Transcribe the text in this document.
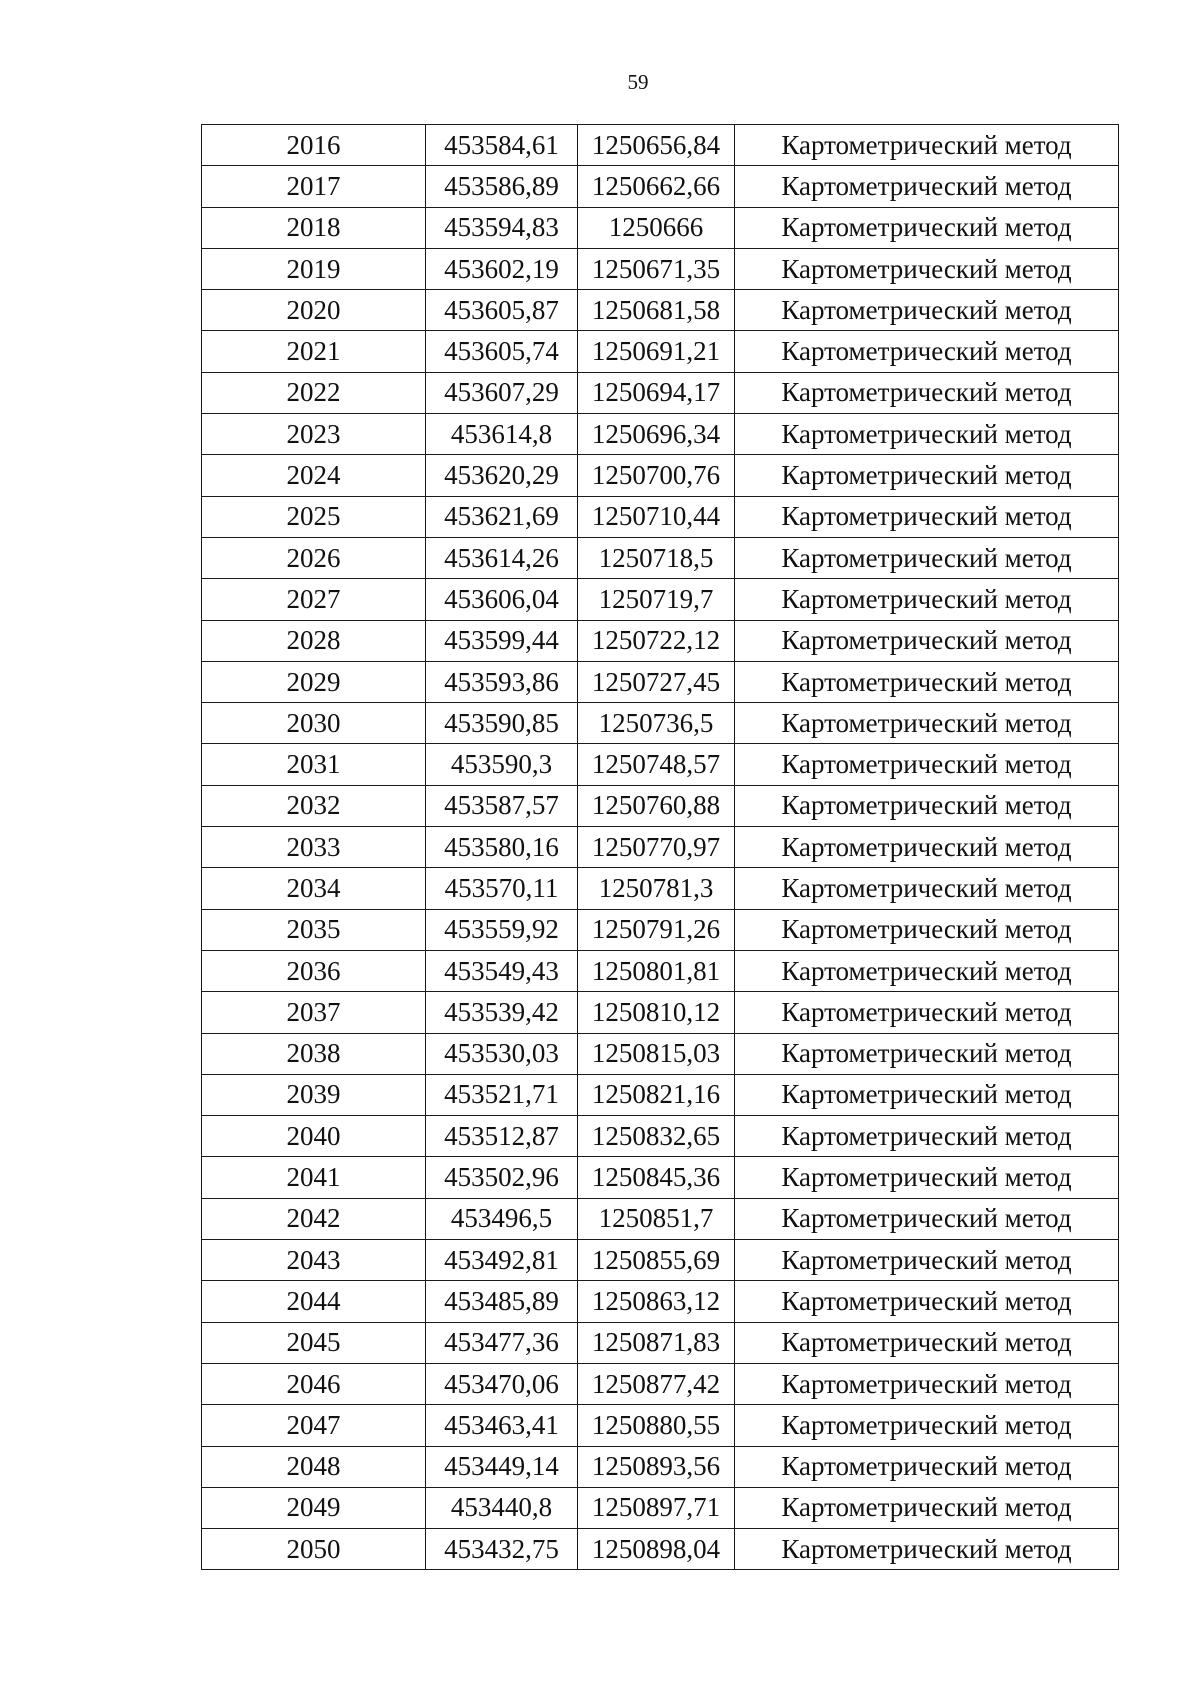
59
2016	453584,61	1250656,84	Картометрический метод
2017	453586,89	1250662,66	Картометрический метод
2018	453594,83	1250666	Картометрический метод
2019	453602,19	1250671,35	Картометрический метод
2020	453605,87	1250681,58	Картометрический метод
2021	453605,74	1250691,21	Картометрический метод
2022	453607,29	1250694,17	Картометрический метод
2023	453614,8	1250696,34	Картометрический метод
2024	453620,29	1250700,76	Картометрический метод
2025	453621,69	1250710,44	Картометрический метод
2026	453614,26	1250718,5	Картометрический метод
2027	453606,04	1250719,7	Картометрический метод
2028	453599,44	1250722,12	Картометрический метод
2029	453593,86	1250727,45	Картометрический метод
2030	453590,85	1250736,5	Картометрический метод
2031	453590,3	1250748,57	Картометрический метод
2032	453587,57	1250760,88	Картометрический метод
2033	453580,16	1250770,97	Картометрический метод
2034	453570,11	1250781,3	Картометрический метод
2035	453559,92	1250791,26	Картометрический метод
2036	453549,43	1250801,81	Картометрический метод
2037	453539,42	1250810,12	Картометрический метод
2038	453530,03	1250815,03	Картометрический метод
2039	453521,71	1250821,16	Картометрический метод
2040	453512,87	1250832,65	Картометрический метод
2041	453502,96	1250845,36	Картометрический метод
2042	453496,5	1250851,7	Картометрический метод
2043	453492,81	1250855,69	Картометрический метод
2044	453485,89	1250863,12	Картометрический метод
2045	453477,36	1250871,83	Картометрический метод
2046	453470,06	1250877,42	Картометрический метод
2047	453463,41	1250880,55	Картометрический метод
2048	453449,14	1250893,56	Картометрический метод
2049	453440,8	1250897,71	Картометрический метод
2050	453432,75	1250898,04	Картометрический метод
